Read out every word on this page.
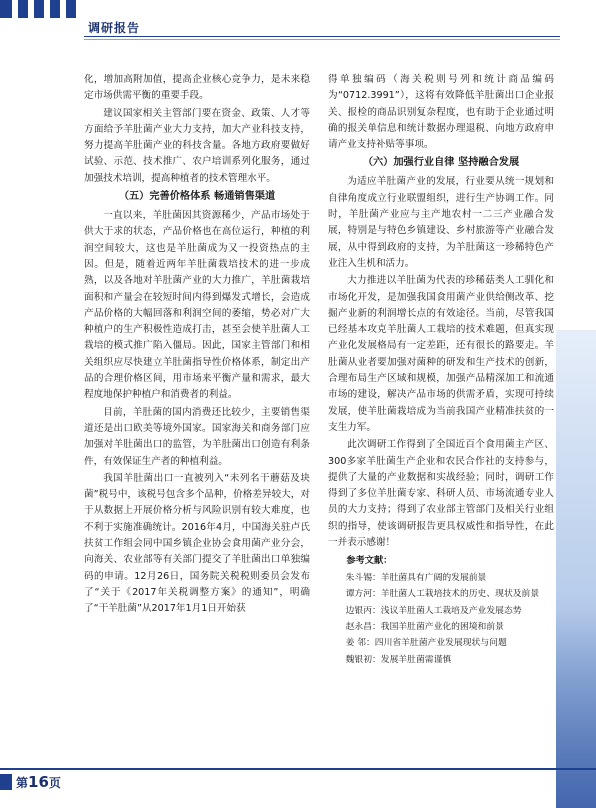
调研报告

化，增加高附加值，提高企业核心竞争力，是未来稳定市场供需平衡的重要手段。

建议国家相关主管部门要在资金、政策、人才等方面给予羊肚菌产业大力支持，加大产业科技支持，努力提高羊肚菌产业的科技含量。各地方政府要做好试验、示范、技术推广、农户培训系列化服务，通过加强技术培训，提高种植者的技术管理水平。

（五）完善价格体系 畅通销售渠道

一直以来，羊肚菌因其资源稀少，产品市场处于供大于求的状态，产品价格也在高位运行，种植的利润空间较大，这也是羊肚菌成为又一投资热点的主因。但是，随着近两年羊肚菌栽培技术的进一步成熟，以及各地对羊肚菌产业的大力推广，羊肚菌栽培面积和产量会在较短时间内得到爆发式增长，会造成产品价格的大幅回落和利润空间的萎缩，势必对广大种植户的生产积极性造成打击，甚至会使羊肚菌人工栽培的模式推广陷入僵局。因此，国家主管部门和相关组织应尽快建立羊肚菌指导性价格体系，制定出产品的合理价格区间，用市场来平衡产量和需求，最大程度地保护种植户和消费者的利益。

目前，羊肚菌的国内消费还比较少，主要销售渠道还是出口欧美等境外国家。国家海关和商务部门应加强对羊肚菌出口的监管，为羊肚菌出口创造有利条件，有效保证生产者的种植利益。

我国羊肚菌出口一直被列入“未列名干蘑菇及块菌”税号中，该税号包含多个品种，价格差异较大，对于从数据上开展价格分析与风险识别有较大难度，也不利于实施准确统计。2016年4月，中国海关驻卢氏扶贫工作组会同中国乡镇企业协会食用菌产业分会，向海关、农业部等有关部门提交了羊肚菌出口单独编码的申请。12月26日，国务院关税税则委员会发布了“关于《2017年关税调整方案》的通知”，明确了“干羊肚菌”从2017年1月1日开始获

得单独编码（海关税则号列和统计商品编码为“0712.3991”），这将有效降低羊肚菌出口企业报关、报检的商品识别复杂程度，也有助于企业通过明确的报关单信息和统计数据办理退税、向地方政府申请产业支持补贴等事项。

（六）加强行业自律 坚持融合发展

为适应羊肚菌产业的发展，行业要从统一规划和自律角度成立行业联盟组织，进行生产协调工作。同时，羊肚菌产业应与主产地农村一二三产业融合发展，特别是与特色乡镇建设、乡村旅游等产业融合发展，从中得到政府的支持，为羊肚菌这一珍稀特色产业注入生机和活力。

大力推进以羊肚菌为代表的珍稀菇类人工驯化和市场化开发，是加强我国食用菌产业供给侧改革、挖掘产业新的利润增长点的有效途径。当前，尽管我国已经基本攻克羊肚菌人工栽培的技术难题，但真实现产业化发展格局有一定差距，还有很长的路要走。羊肚菌从业者要加强对菌种的研发和生产技术的创新，合理布局生产区域和规模，加强产品精深加工和流通市场的建设，解决产品市场的供需矛盾，实现可持续发展，使羊肚菌栽培成为当前我国产业精准扶贫的一支生力军。

此次调研工作得到了全国近百个食用菌主产区、300多家羊肚菌生产企业和农民合作社的支持参与，提供了大量的产业数据和实战经验；同时，调研工作得到了多位羊肚菌专家、科研人员、市场流通专业人员的大力支持；得到了农业部主管部门及相关行业组织的指导，使该调研报告更具权威性和指导性，在此一并表示感谢！

参考文献：
朱斗锡：羊肚菌具有广阔的发展前景
谭方河：羊肚菌人工栽培技术的历史、现状及前景
边银丙：浅议羊肚菌人工栽培及产业发展态势
赵永昌：我国羊肚菌产业化的困境和前景
姜 邻：四川省羊肚菌产业发展现状与问题
魏银初：发展羊肚菌需谨慎
第16页
